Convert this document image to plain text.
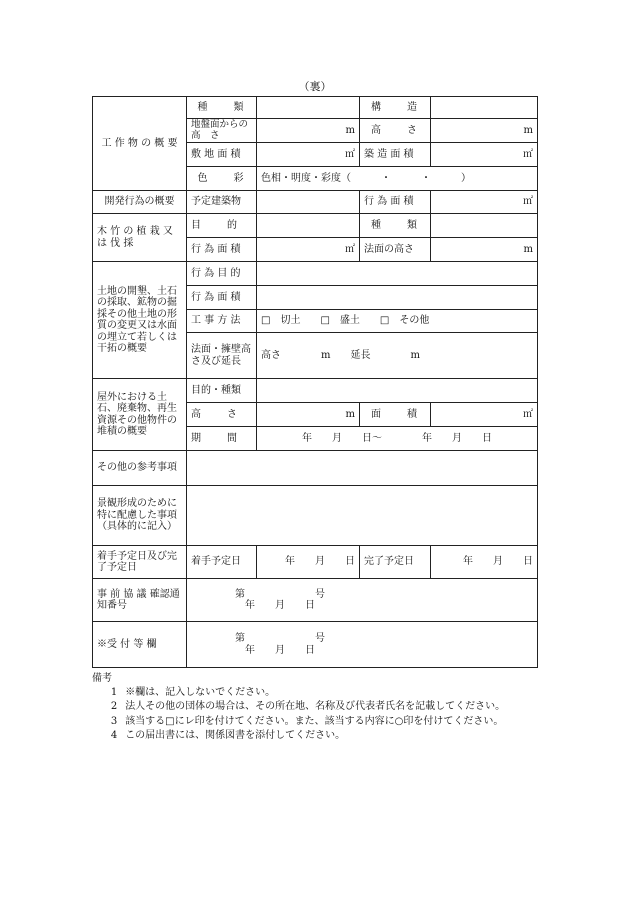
（裏）
工 作 物 の 概 要	種　　類		構　　造	
	地盤面からの　高　さ	m	高　　さ	m
	敷 地 面 積	㎡	築 造 面 積	㎡
	色　　彩	色相・明度・彩度（　　　・　　　・　　　）		
開発行為の概要	予定建築物		行 為 面 積	㎡
木 竹 の 植 栽 又 は 伐 採	目　　的		種　　類	
	行 為 面 積	㎡	法面の高さ	m
土地の開墾、土石の採取、鉱物の掘採その他土地の形質の変更又は水面の埋立て若しくは干拓の概要	行 為 目 的			
	行 為 面 積			
	工 事 方 法	□　切土　　□　盛土　　□　その他		
	法面・擁壁高さ及び延長	高さ　　　　m　　延長　　　　m		
屋外における土石、廃棄物、再生資源その他物件の堆積の概要	目的・種類			
	高　　さ	m	面　　積	㎡
	期　　間	年　　月　　日～　　　　年　　月　　日		
その他の参考事項				
景観形成のために特に配慮した事項（具体的に記入）				
着手予定日及び完了予定日	着手予定日	年　　月　　日	完了予定日	年　　月　　日
事 前 協 議 確認通知番号	第　　　　　　　号
年　　月　　日			

※受 付 等 欄	第　　　　　　　号
年　　月　　日			
備考
1 ※欄は、記入しないでください。
2 法人その他の団体の場合は、その所在地、名称及び代表者氏名を記載してください。
3 該当する□にレ印を付けてください。また、該当する内容に○印を付けてください。
4 この届出書には、関係図書を添付してください。
